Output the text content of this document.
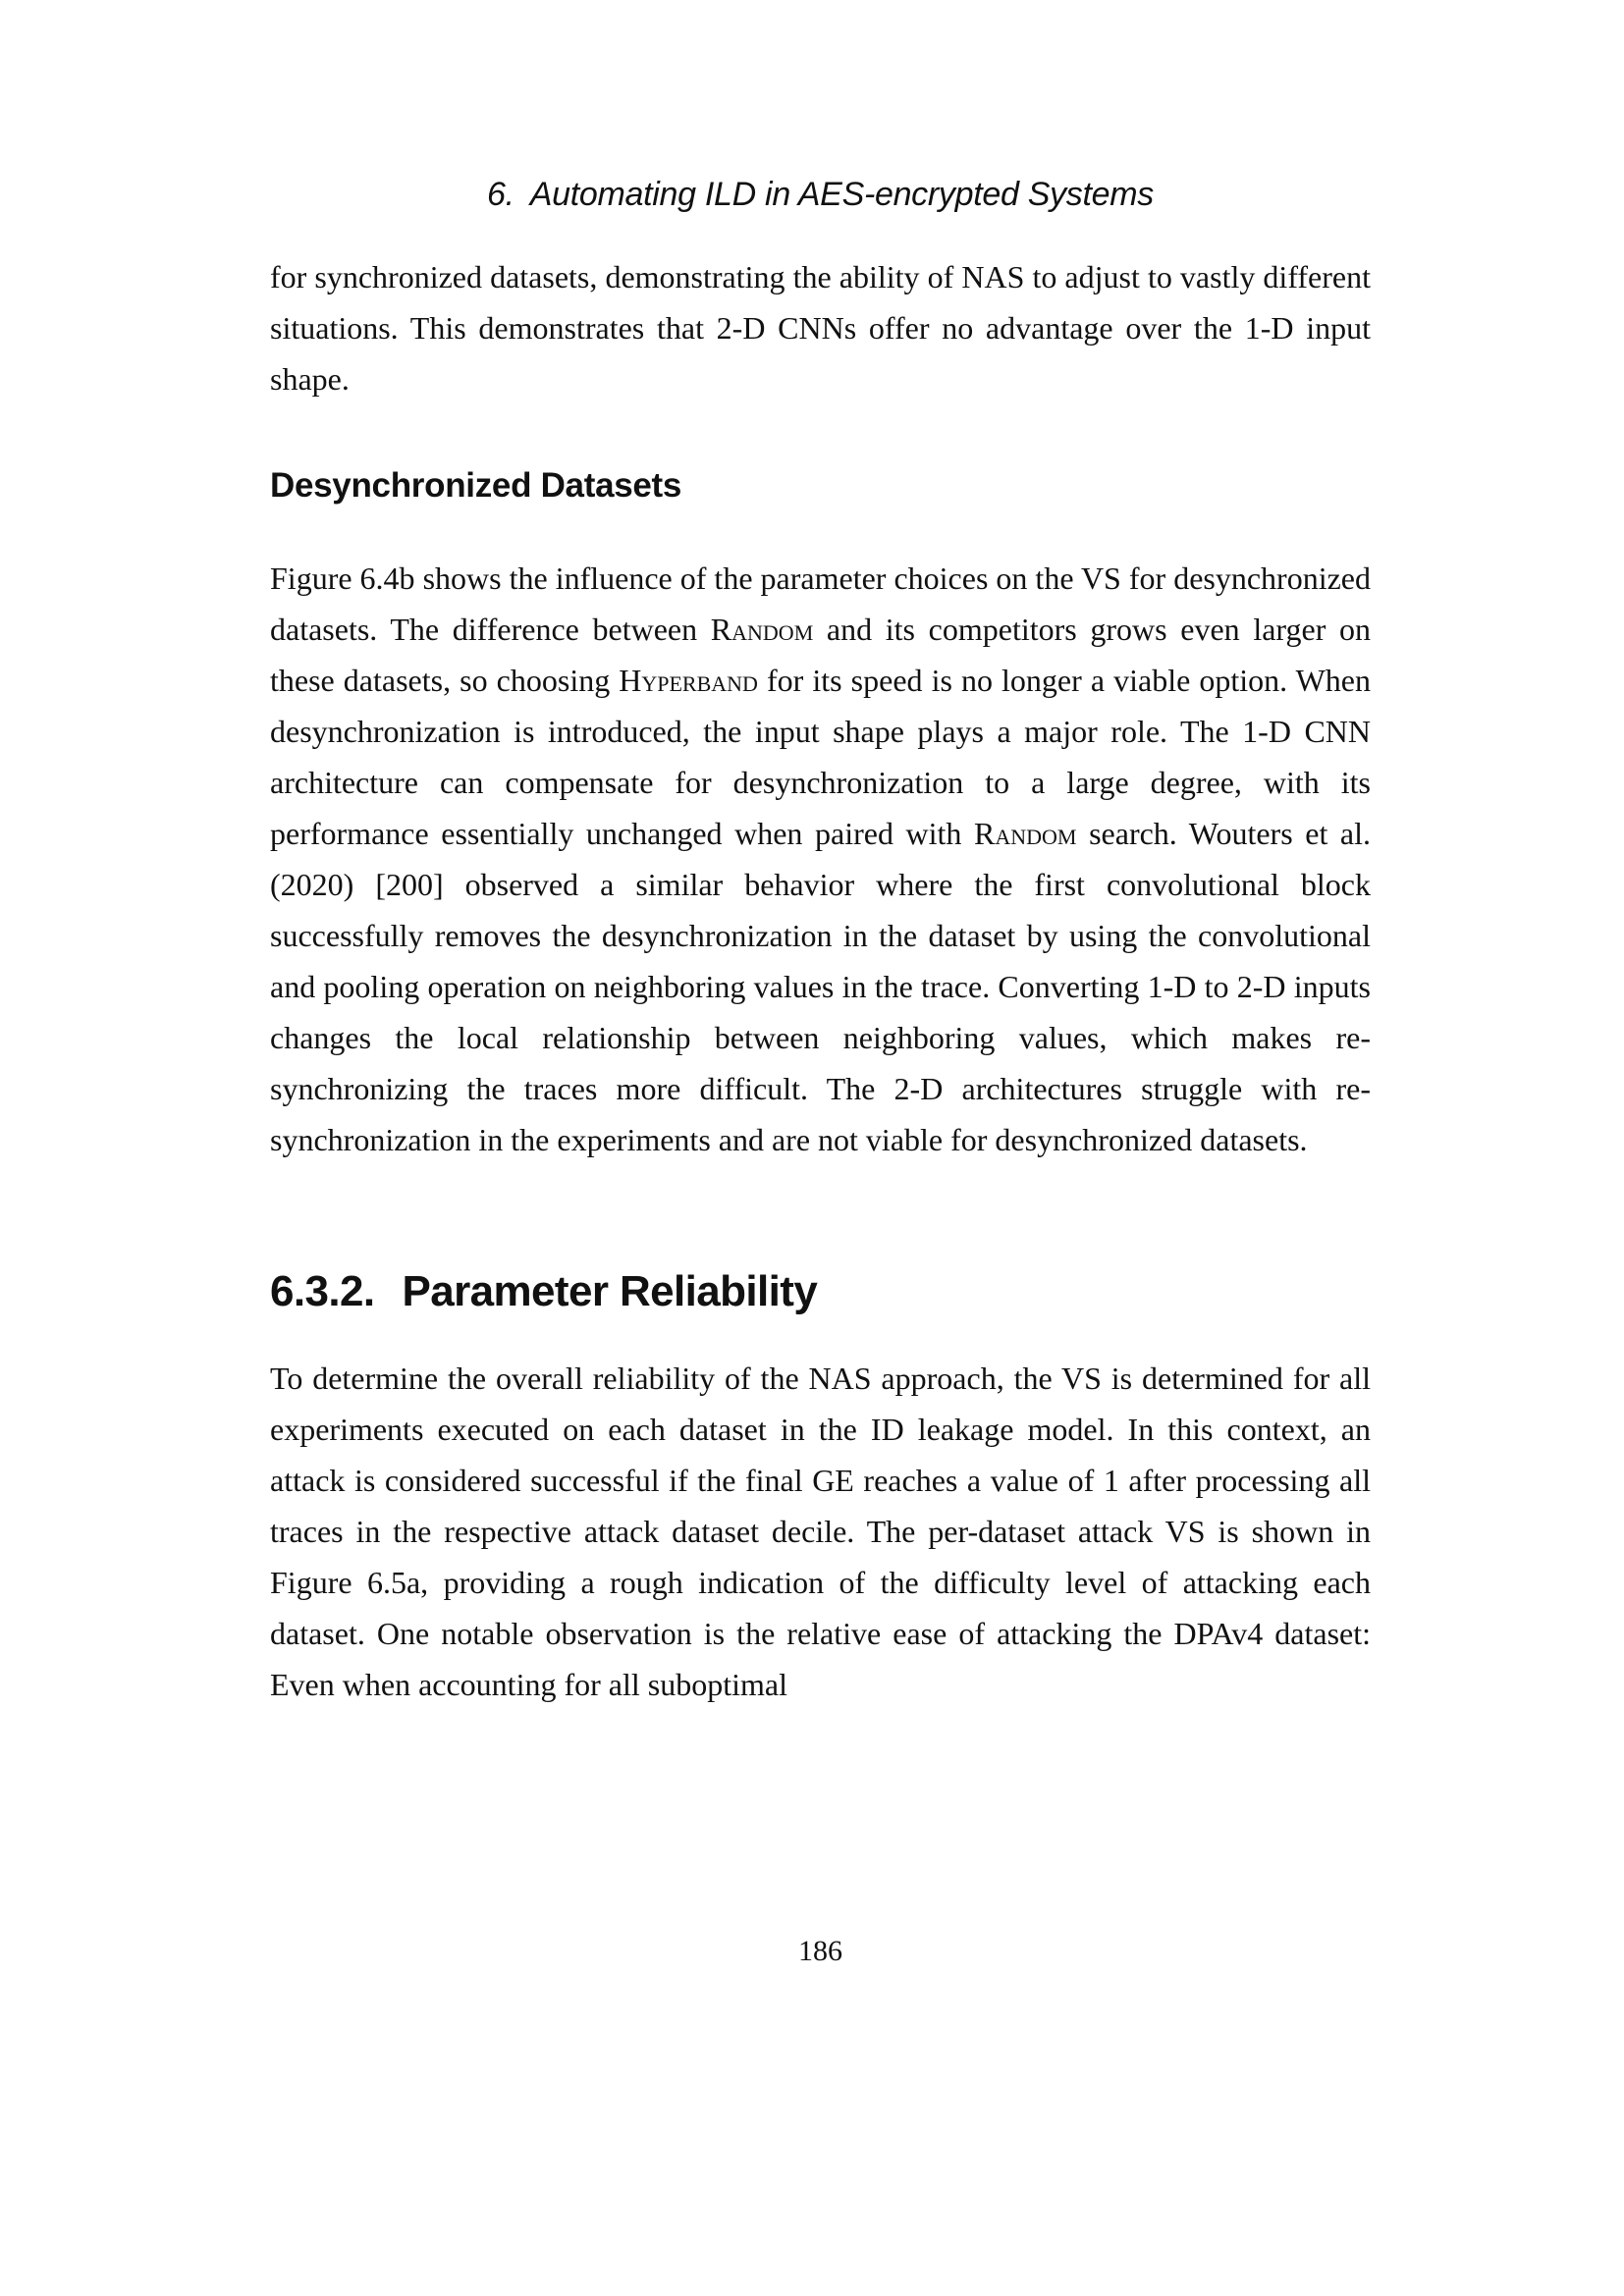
6. Automating ILD in AES-encrypted Systems

for synchronized datasets, demonstrating the ability of NAS to adjust to vastly different situations. This demonstrates that 2-D CNNs offer no advantage over the 1-D input shape.

Desynchronized Datasets

Figure 6.4b shows the influence of the parameter choices on the VS for desynchronized datasets. The difference between Random and its competitors grows even larger on these datasets, so choosing Hyperband for its speed is no longer a viable option. When desynchronization is introduced, the input shape plays a major role. The 1-D CNN architecture can compensate for desynchronization to a large degree, with its performance essentially unchanged when paired with Random search. Wouters et al. (2020) [200] observed a similar behavior where the first convolutional block successfully removes the desynchronization in the dataset by using the convolutional and pooling operation on neighboring values in the trace. Converting 1-D to 2-D inputs changes the local relationship between neighboring values, which makes re-synchronizing the traces more difficult. The 2-D architectures struggle with re-synchronization in the experiments and are not viable for desynchronized datasets.

6.3.2. Parameter Reliability

To determine the overall reliability of the NAS approach, the VS is determined for all experiments executed on each dataset in the ID leakage model. In this context, an attack is considered successful if the final GE reaches a value of 1 after processing all traces in the respective attack dataset decile. The per-dataset attack VS is shown in Figure 6.5a, providing a rough indication of the difficulty level of attacking each dataset. One notable observation is the relative ease of attacking the DPAv4 dataset: Even when accounting for all suboptimal

186
